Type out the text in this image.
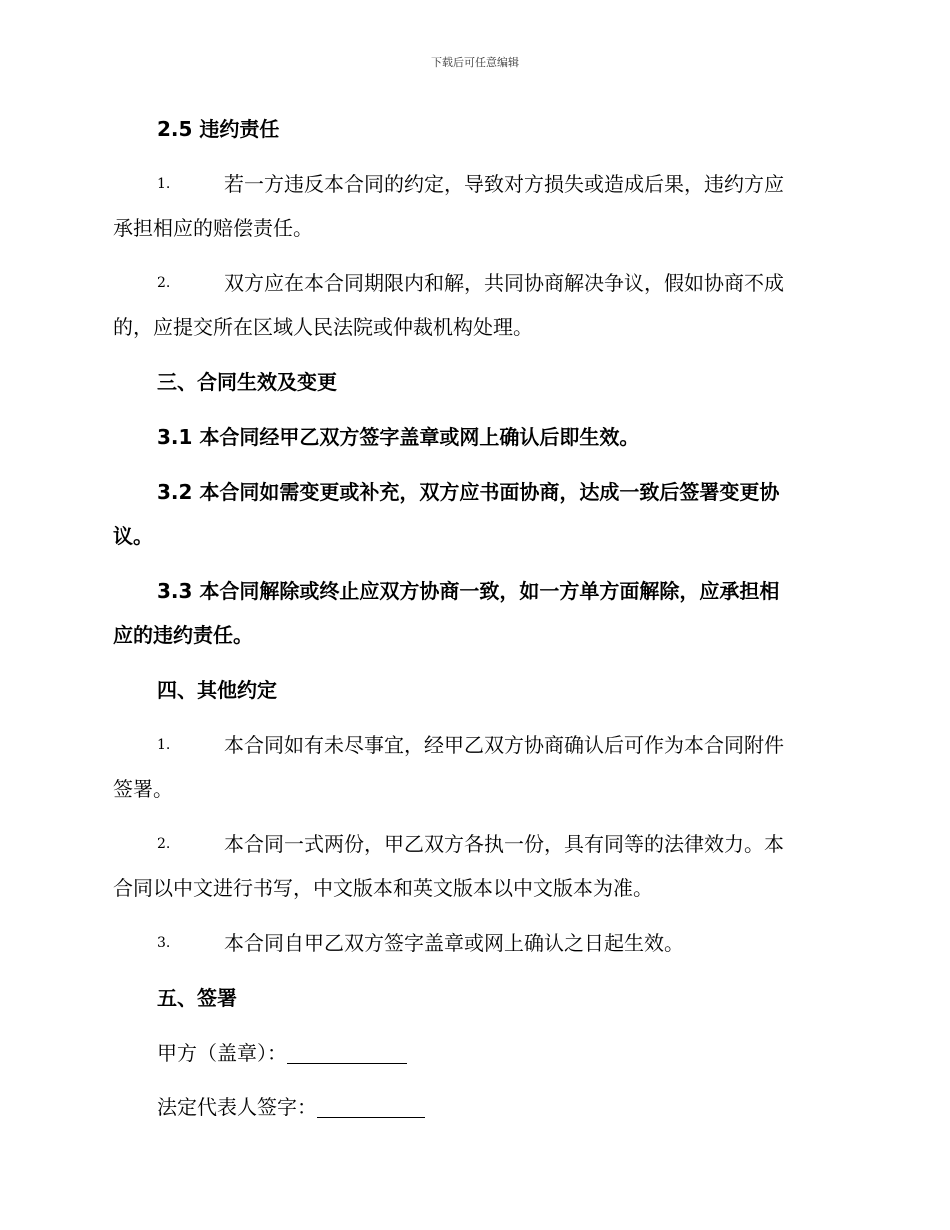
下载后可任意编辑
2.5 违约责任
1.	若一方违反本合同的约定，导致对方损失或造成后果，违约方应
承担相应的赔偿责任。
2.	双方应在本合同期限内和解，共同协商解决争议，假如协商不成
的，应提交所在区域人民法院或仲裁机构处理。
三、合同生效及变更
3.1 本合同经甲乙双方签字盖章或网上确认后即生效。
3.2 本合同如需变更或补充，双方应书面协商，达成一致后签署变更协
议。
3.3 本合同解除或终止应双方协商一致，如一方单方面解除，应承担相
应的违约责任。
四、其他约定
1.	本合同如有未尽事宜，经甲乙双方协商确认后可作为本合同附件
签署。
2.	本合同一式两份，甲乙双方各执一份，具有同等的法律效力。本
合同以中文进行书写，中文版本和英文版本以中文版本为准。
3.	本合同自甲乙双方签字盖章或网上确认之日起生效。
五、签署
甲方（盖章）：
法定代表人签字：
